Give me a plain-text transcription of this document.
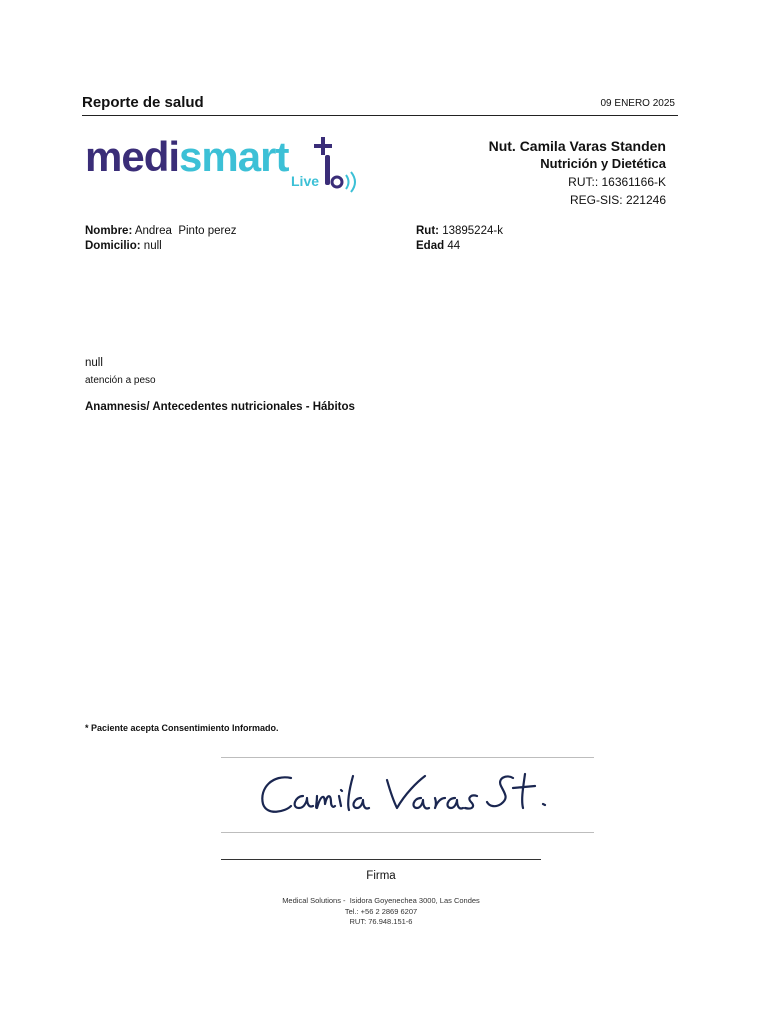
Reporte de salud	09 ENERO 2025
medismart
Live
Nut. Camila Varas Standen
Nutrición y Dietética
RUT:: 16361166-K
REG-SIS: 221246
Nombre: Andrea  Pinto perez
Domicilio: null
Rut: 13895224-k
Edad 44
null
atención a peso
Anamnesis/ Antecedentes nutricionales - Hábitos
* Paciente acepta Consentimiento Informado.
Firma
Medical Solutions -  Isidora Goyenechea 3000, Las Condes
Tel.: +56 2 2869 6207
RUT: 76.948.151-6
